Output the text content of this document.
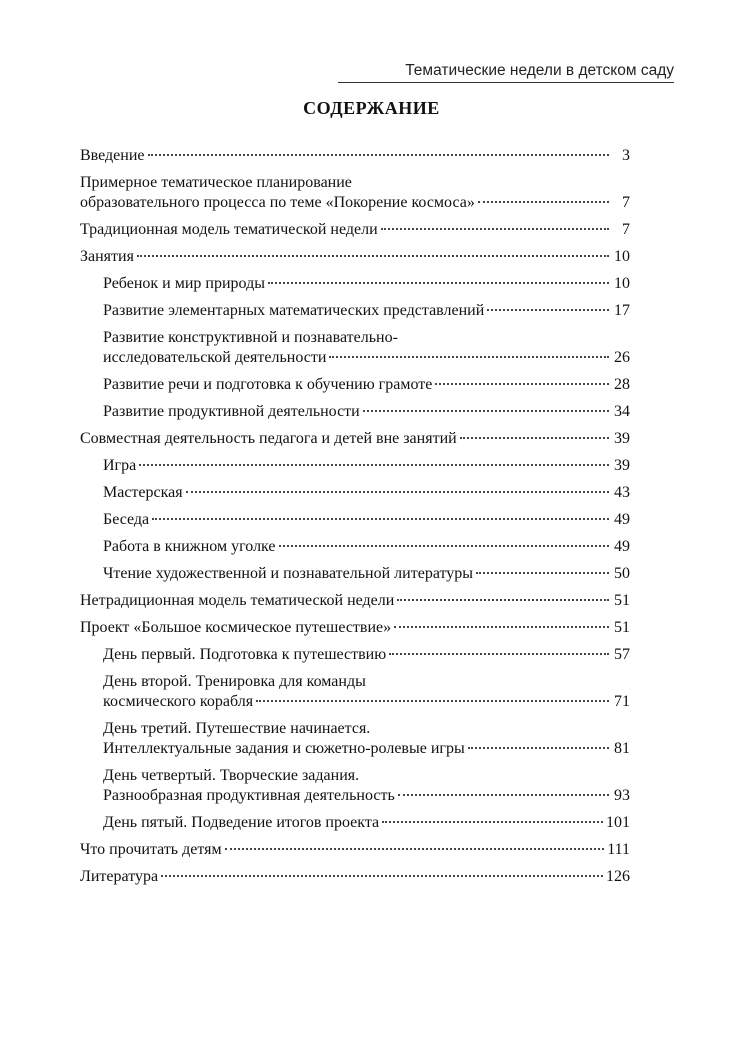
Тематические недели в детском саду
СОДЕРЖАНИЕ
Введение	3
Примерное тематическое планирование
образовательного процесса по теме «Покорение космоса»	7
Традиционная модель тематической недели	7
Занятия	10
Ребенок и мир природы	10
Развитие элементарных математических представлений	17
Развитие конструктивной и познавательно-
исследовательской деятельности	26
Развитие речи и подготовка к обучению грамоте	28
Развитие продуктивной деятельности	34
Совместная деятельность педагога и детей вне занятий	39
Игра	39
Мастерская	43
Беседа	49
Работа в книжном уголке	49
Чтение художественной и познавательной литературы	50
Нетрадиционная модель тематической недели	51
Проект «Большое космическое путешествие»	51
День первый. Подготовка к путешествию	57
День второй. Тренировка для команды
космического корабля	71
День третий. Путешествие начинается.
Интеллектуальные задания и сюжетно-ролевые игры	81
День четвертый. Творческие задания.
Разнообразная продуктивная деятельность	93
День пятый. Подведение итогов проекта	101
Что прочитать детям	111
Литература	126
